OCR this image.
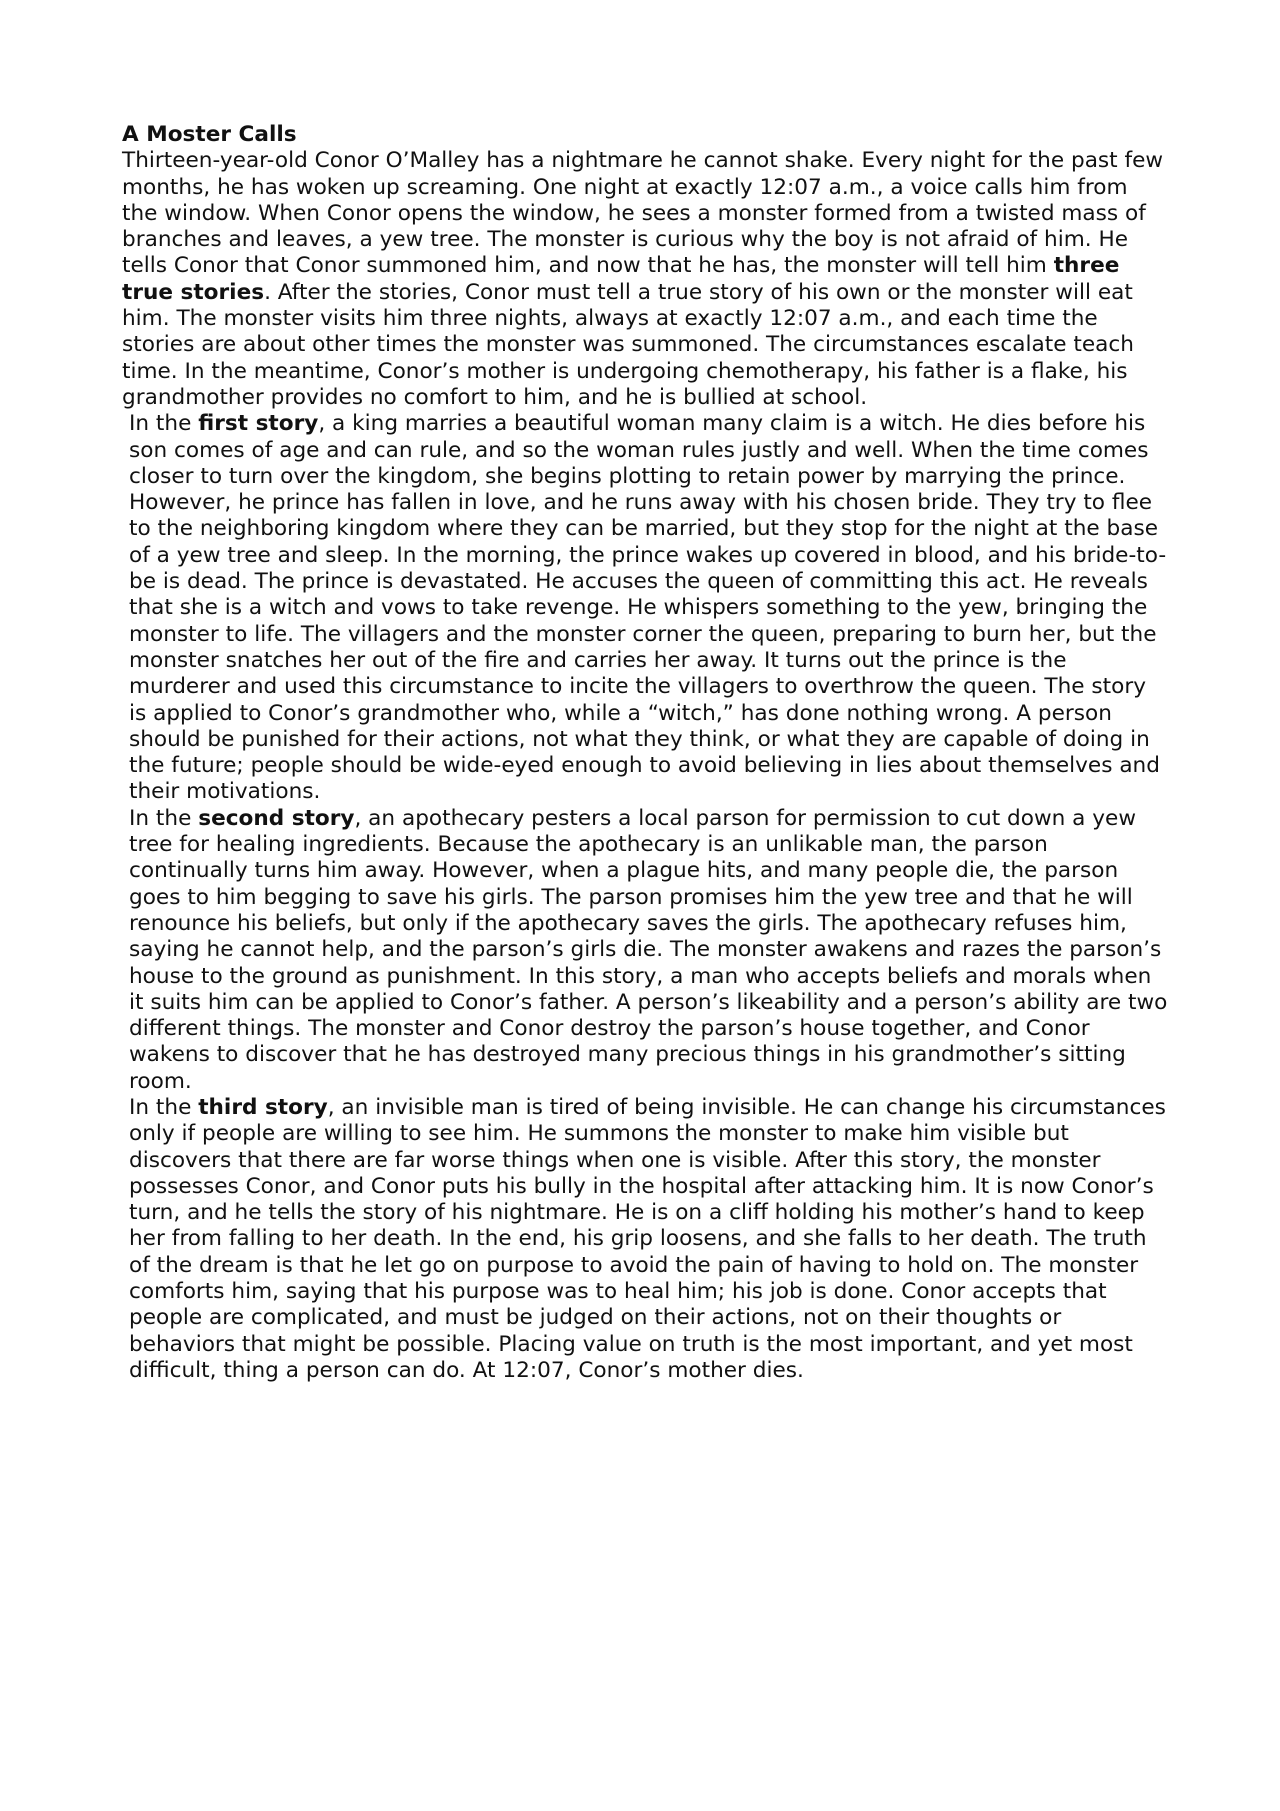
A Moster Calls

Thirteen-year-old Conor O’Malley has a nightmare he cannot shake. Every night for the past few months, he has woken up screaming. One night at exactly 12:07 a.m., a voice calls him from the window. When Conor opens the window, he sees a monster formed from a twisted mass of branches and leaves, a yew tree. The monster is curious why the boy is not afraid of him. He tells Conor that Conor summoned him, and now that he has, the monster will tell him three true stories. After the stories, Conor must tell a true story of his own or the monster will eat him. The monster visits him three nights, always at exactly 12:07 a.m., and each time the stories are about other times the monster was summoned. The circumstances escalate teach time. In the meantime, Conor’s mother is undergoing chemotherapy, his father is a flake, his grandmother provides no comfort to him, and he is bullied at school.

In the first story, a king marries a beautiful woman many claim is a witch. He dies before his son comes of age and can rule, and so the woman rules justly and well. When the time comes closer to turn over the kingdom, she begins plotting to retain power by marrying the prince. However, he prince has fallen in love, and he runs away with his chosen bride. They try to flee to the neighboring kingdom where they can be married, but they stop for the night at the base of a yew tree and sleep. In the morning, the prince wakes up covered in blood, and his bride-to-be is dead. The prince is devastated. He accuses the queen of committing this act. He reveals that she is a witch and vows to take revenge. He whispers something to the yew, bringing the monster to life. The villagers and the monster corner the queen, preparing to burn her, but the monster snatches her out of the fire and carries her away. It turns out the prince is the murderer and used this circumstance to incite the villagers to overthrow the queen. The story is applied to Conor’s grandmother who, while a “witch,” has done nothing wrong. A person should be punished for their actions, not what they think, or what they are capable of doing in the future; people should be wide-eyed enough to avoid believing in lies about themselves and their motivations.

In the second story, an apothecary pesters a local parson for permission to cut down a yew tree for healing ingredients. Because the apothecary is an unlikable man, the parson continually turns him away. However, when a plague hits, and many people die, the parson goes to him begging to save his girls. The parson promises him the yew tree and that he will renounce his beliefs, but only if the apothecary saves the girls. The apothecary refuses him, saying he cannot help, and the parson’s girls die. The monster awakens and razes the parson’s house to the ground as punishment. In this story, a man who accepts beliefs and morals when it suits him can be applied to Conor’s father. A person’s likeability and a person’s ability are two different things. The monster and Conor destroy the parson’s house together, and Conor wakens to discover that he has destroyed many precious things in his grandmother’s sitting room.

In the third story, an invisible man is tired of being invisible. He can change his circumstances only if people are willing to see him. He summons the monster to make him visible but discovers that there are far worse things when one is visible. After this story, the monster possesses Conor, and Conor puts his bully in the hospital after attacking him. It is now Conor’s turn, and he tells the story of his nightmare. He is on a cliff holding his mother’s hand to keep her from falling to her death. In the end, his grip loosens, and she falls to her death. The truth of the dream is that he let go on purpose to avoid the pain of having to hold on. The monster comforts him, saying that his purpose was to heal him; his job is done. Conor accepts that people are complicated, and must be judged on their actions, not on their thoughts or behaviors that might be possible. Placing value on truth is the most important, and yet most difficult, thing a person can do. At 12:07, Conor’s mother dies.
